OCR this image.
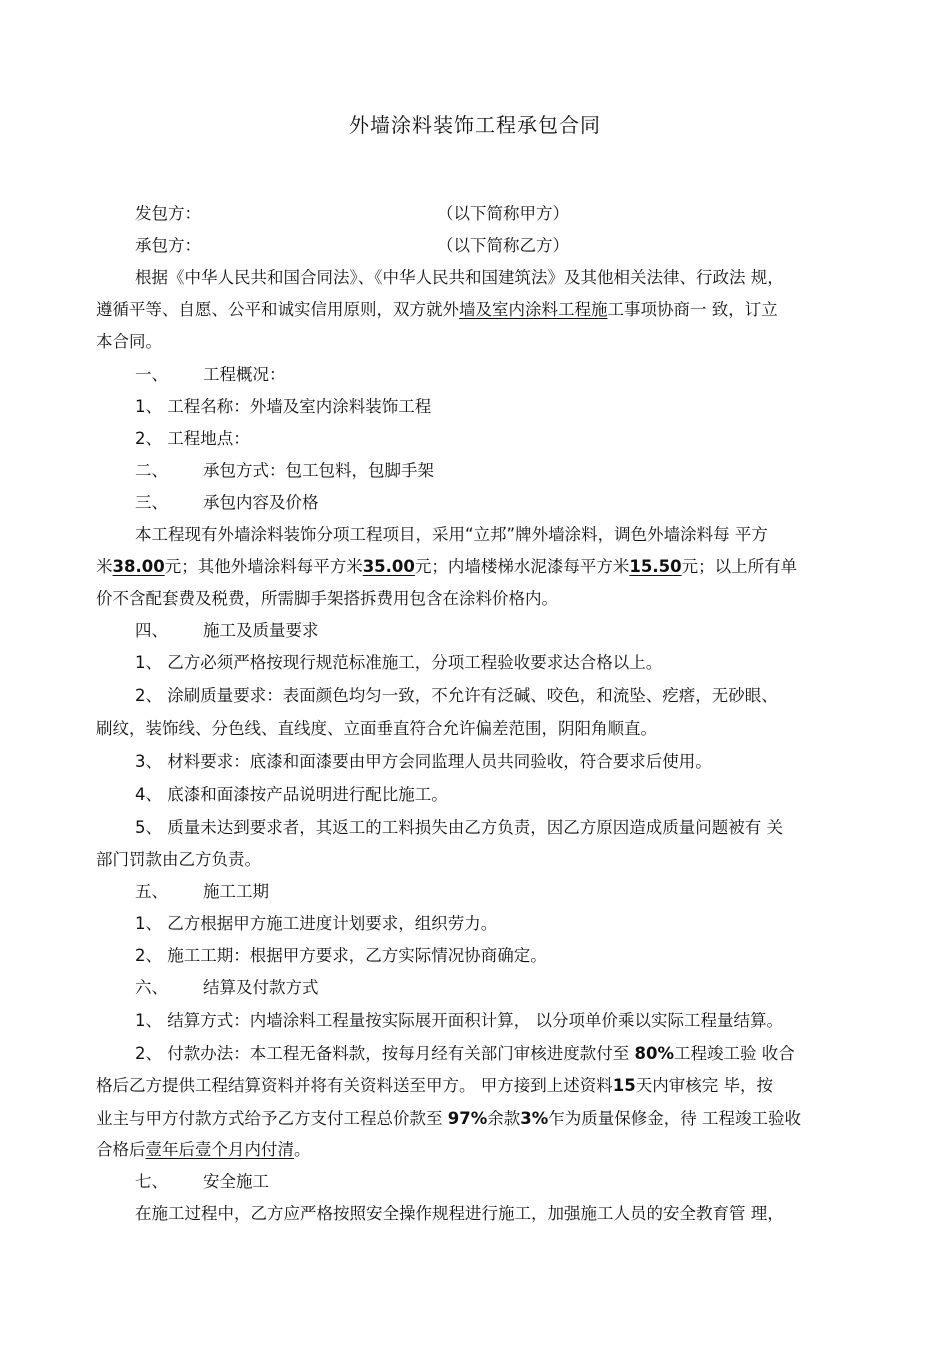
外墙涂料装饰工程承包合同
发包方：	（以下简称甲方）
承包方：	（以下简称乙方）
根据《中华人民共和国合同法》、《中华人民共和国建筑法》及其他相关法律、行政法 规，
遵循平等、自愿、公平和诚实信用原则，双方就外墙及室内涂料工程施工事项协商一 致，订立
本合同。
一、 工程概况：
1、 工程名称：外墙及室内涂料装饰工程
2、 工程地点：
二、 承包方式：包工包料，包脚手架
三、 承包内容及价格
本工程现有外墙涂料装饰分项工程项目，采用“立邦”牌外墙涂料，调色外墙涂料每 平方
米38.00元；其他外墙涂料每平方米35.00元；内墙楼梯水泥漆每平方米15.50元；以上所有单
价不含配套费及税费，所需脚手架搭拆费用包含在涂料价格内。
四、 施工及质量要求
1、 乙方必须严格按现行规范标准施工，分项工程验收要求达合格以上。
2、 涂刷质量要求：表面颜色均匀一致，不允许有泛碱、咬色，和流坠、疙瘩，无砂眼、
刷纹，装饰线、分色线、直线度、立面垂直符合允许偏差范围，阴阳角顺直。
3、 材料要求：底漆和面漆要由甲方会同监理人员共同验收，符合要求后使用。
4、 底漆和面漆按产品说明进行配比施工。
5、 质量未达到要求者，其返工的工料损失由乙方负责，因乙方原因造成质量问题被有 关
部门罚款由乙方负责。
五、 施工工期
1、 乙方根据甲方施工进度计划要求，组织劳力。
2、 施工工期：根据甲方要求，乙方实际情况协商确定。
六、 结算及付款方式
1、 结算方式：内墙涂料工程量按实际展开面积计算， 以分项单价乘以实际工程量结算。
2、 付款办法：本工程无备料款，按每月经有关部门审核进度款付至 80%工程竣工验 收合
格后乙方提供工程结算资料并将有关资料送至甲方。 甲方接到上述资料15天内审核完 毕，按
业主与甲方付款方式给予乙方支付工程总价款至 97%余款3%乍为质量保修金，待 工程竣工验收
合格后壹年后壹个月内付清。
七、 安全施工
在施工过程中，乙方应严格按照安全操作规程进行施工，加强施工人员的安全教育管 理，
